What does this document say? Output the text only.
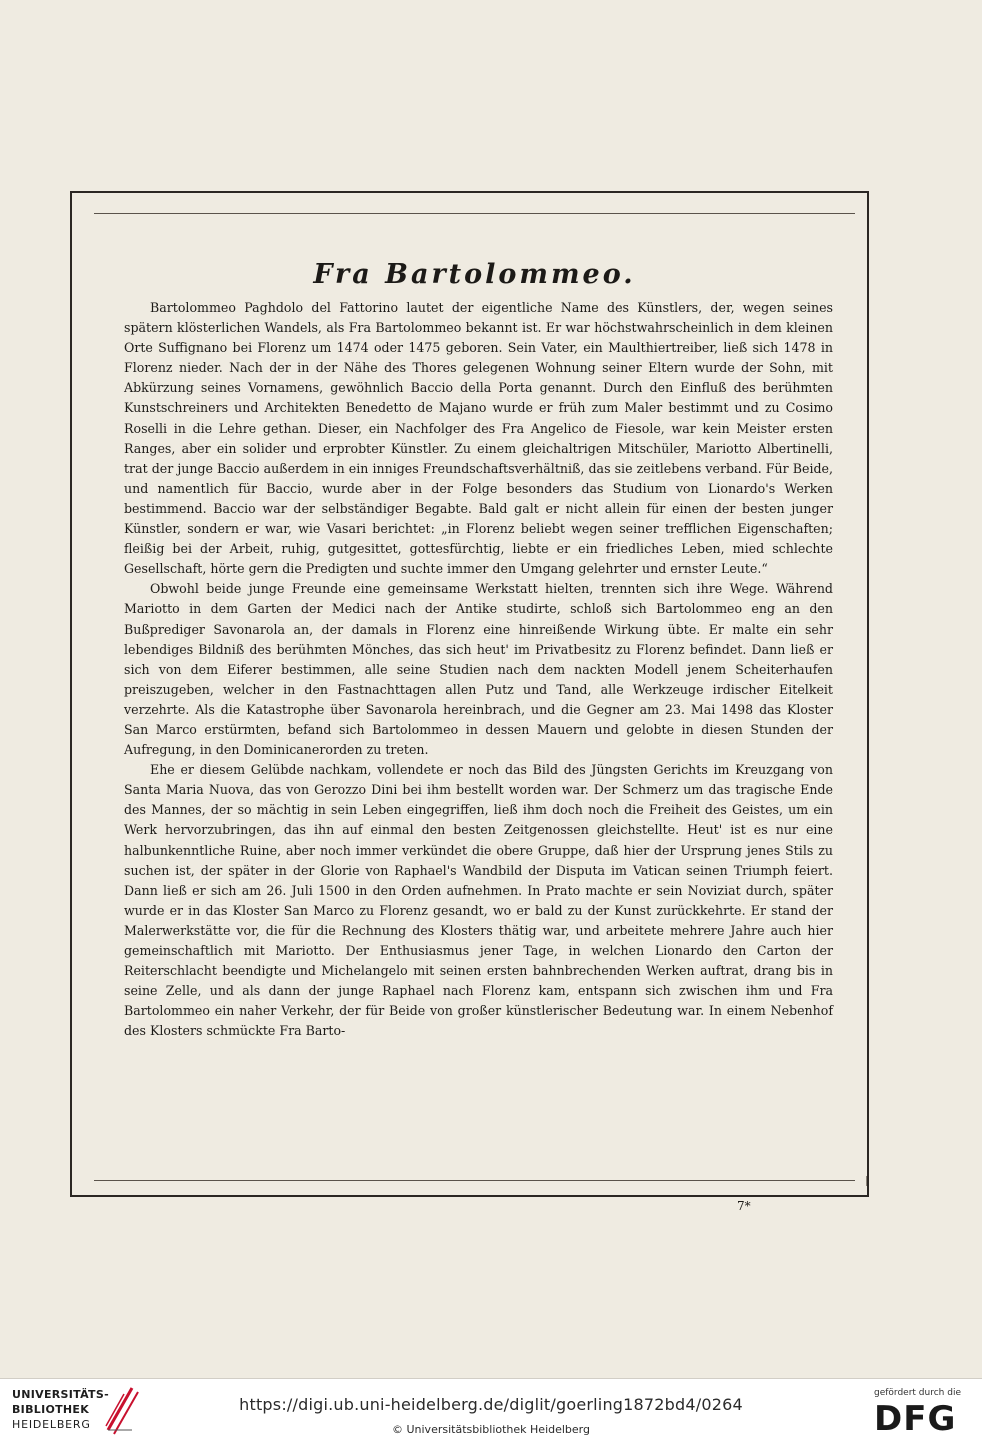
Fra Bartolommeo.

Bartolommeo Paghdolo del Fattorino lautet der eigentliche Name des Künstlers, der, wegen seines spätern klösterlichen Wandels, als Fra Bartolommeo bekannt ist. Er war höchstwahrscheinlich in dem kleinen Orte Suffignano bei Florenz um 1474 oder 1475 geboren. Sein Vater, ein Maulthiertreiber, ließ sich 1478 in Florenz nieder. Nach der in der Nähe des Thores gelegenen Wohnung seiner Eltern wurde der Sohn, mit Abkürzung seines Vornamens, gewöhnlich Baccio della Porta genannt. Durch den Einfluß des berühmten Kunstschreiners und Architekten Benedetto de Majano wurde er früh zum Maler bestimmt und zu Cosimo Roselli in die Lehre gethan. Dieser, ein Nachfolger des Fra Angelico de Fiesole, war kein Meister ersten Ranges, aber ein solider und erprobter Künstler. Zu einem gleichaltrigen Mitschüler, Mariotto Albertinelli, trat der junge Baccio außerdem in ein inniges Freundschaftsverhältniß, das sie zeitlebens verband. Für Beide, und namentlich für Baccio, wurde aber in der Folge besonders das Studium von Lionardo's Werken bestimmend. Baccio war der selbständiger Begabte. Bald galt er nicht allein für einen der besten junger Künstler, sondern er war, wie Vasari berichtet: „in Florenz beliebt wegen seiner trefflichen Eigenschaften; fleißig bei der Arbeit, ruhig, gutgesittet, gottesfürchtig, liebte er ein friedliches Leben, mied schlechte Gesellschaft, hörte gern die Predigten und suchte immer den Umgang gelehrter und ernster Leute.“

Obwohl beide junge Freunde eine gemeinsame Werkstatt hielten, trennten sich ihre Wege. Während Mariotto in dem Garten der Medici nach der Antike studirte, schloß sich Bartolommeo eng an den Bußprediger Savonarola an, der damals in Florenz eine hinreißende Wirkung übte. Er malte ein sehr lebendiges Bildniß des berühmten Mönches, das sich heut' im Privatbesitz zu Florenz befindet. Dann ließ er sich von dem Eiferer bestimmen, alle seine Studien nach dem nackten Modell jenem Scheiterhaufen preiszugeben, welcher in den Fastnachttagen allen Putz und Tand, alle Werkzeuge irdischer Eitelkeit verzehrte. Als die Katastrophe über Savonarola hereinbrach, und die Gegner am 23. Mai 1498 das Kloster San Marco erstürmten, befand sich Bartolommeo in dessen Mauern und gelobte in diesen Stunden der Aufregung, in den Dominicanerorden zu treten.

Ehe er diesem Gelübde nachkam, vollendete er noch das Bild des Jüngsten Gerichts im Kreuzgang von Santa Maria Nuova, das von Gerozzo Dini bei ihm bestellt worden war. Der Schmerz um das tragische Ende des Mannes, der so mächtig in sein Leben eingegriffen, ließ ihm doch noch die Freiheit des Geistes, um ein Werk hervorzubringen, das ihn auf einmal den besten Zeitgenossen gleichstellte. Heut' ist es nur eine halbunkenntliche Ruine, aber noch immer verkündet die obere Gruppe, daß hier der Ursprung jenes Stils zu suchen ist, der später in der Glorie von Raphael's Wandbild der Disputa im Vatican seinen Triumph feiert. Dann ließ er sich am 26. Juli 1500 in den Orden aufnehmen. In Prato machte er sein Noviziat durch, später wurde er in das Kloster San Marco zu Florenz gesandt, wo er bald zu der Kunst zurückkehrte. Er stand der Malerwerkstätte vor, die für die Rechnung des Klosters thätig war, und arbeitete mehrere Jahre auch hier gemeinschaftlich mit Mariotto. Der Enthusiasmus jener Tage, in welchen Lionardo den Carton der Reiterschlacht beendigte und Michelangelo mit seinen ersten bahnbrechenden Werken auftrat, drang bis in seine Zelle, und als dann der junge Raphael nach Florenz kam, entspann sich zwischen ihm und Fra Bartolommeo ein naher Verkehr, der für Beide von großer künstlerischer Bedeutung war. In einem Nebenhof des Klosters schmückte Fra Barto-

7*
UNIVERSITÄTS-
BIBLIOTHEK
HEIDELBERG
https://digi.ub.uni-heidelberg.de/diglit/goerling1872bd4/0264
© Universitätsbibliothek Heidelberg
gefördert durch die
DFG
